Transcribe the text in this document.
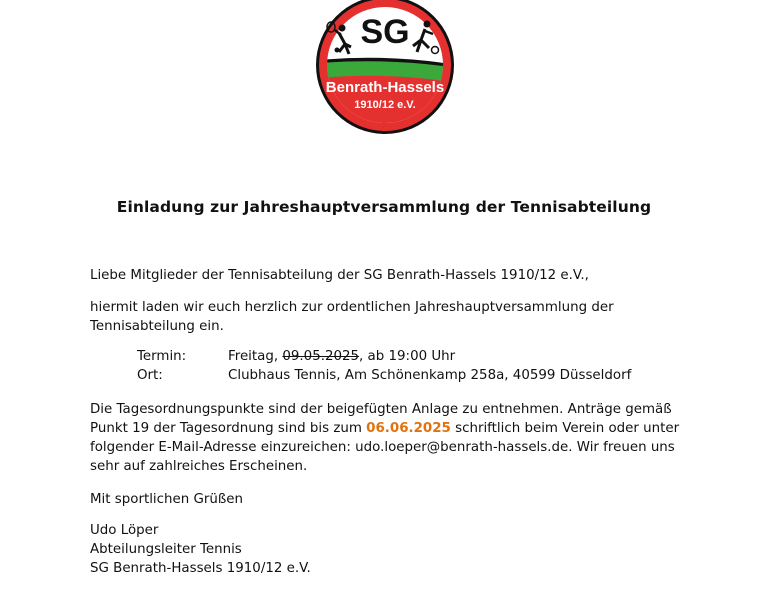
SG
Benrath-Hassels
1910/12 e.V.
Einladung zur Jahreshauptversammlung der Tennisabteilung
Liebe Mitglieder der Tennisabteilung der SG Benrath-Hassels 1910/12 e.V.,
hiermit laden wir euch herzlich zur ordentlichen Jahreshauptversammlung der Tennisabteilung ein.
Termin:	Freitag, 09.05.2025, ab 19:00 Uhr
Ort:	Clubhaus Tennis, Am Schönenkamp 258a, 40599 Düsseldorf
Die Tagesordnungspunkte sind der beigefügten Anlage zu entnehmen. Anträge gemäß Punkt 19 der Tagesordnung sind bis zum 06.06.2025 schriftlich beim Verein oder unter folgender E-Mail-Adresse einzureichen: udo.loeper@benrath-hassels.de. Wir freuen uns sehr auf zahlreiches Erscheinen.
Mit sportlichen Grüßen
Udo Löper
Abteilungsleiter Tennis
SG Benrath-Hassels 1910/12 e.V.
